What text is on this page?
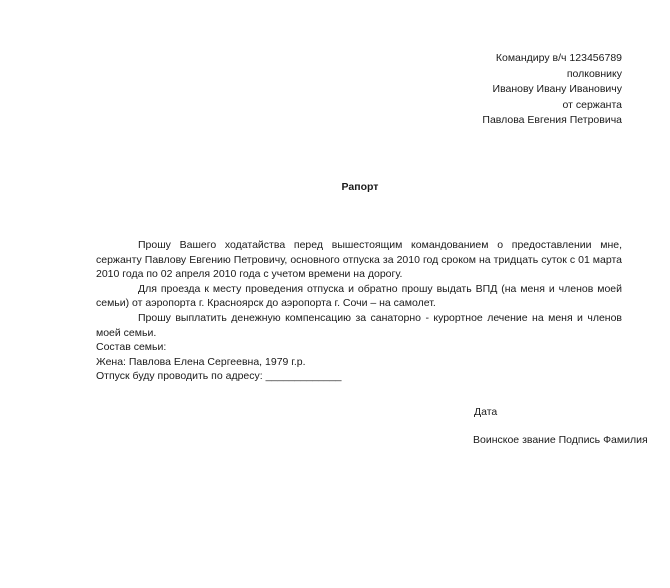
Командиру в/ч 123456789
полковнику
Иванову Ивану Ивановичу
от сержанта
Павлова Евгения Петровича
Рапорт

Прошу Вашего ходатайства перед вышестоящим командованием о предоставлении мне, сержанту Павлову Евгению Петровичу, основного отпуска за 2010 год сроком на тридцать суток с 01 марта 2010 года по 02 апреля 2010 года с учетом времени на дорогу.

Для проезда к месту проведения отпуска и обратно прошу выдать ВПД (на меня и членов моей семьи) от аэропорта г. Красноярск до аэропорта г. Сочи – на самолет.

Прошу выплатить денежную компенсацию за санаторно - курортное лечение на меня и членов моей семьи.

Состав семьи:

Жена: Павлова Елена Сергеевна, 1979 г.р.

Отпуск буду проводить по адресу: _____________

Дата
Воинское звание Подпись Фамилия
